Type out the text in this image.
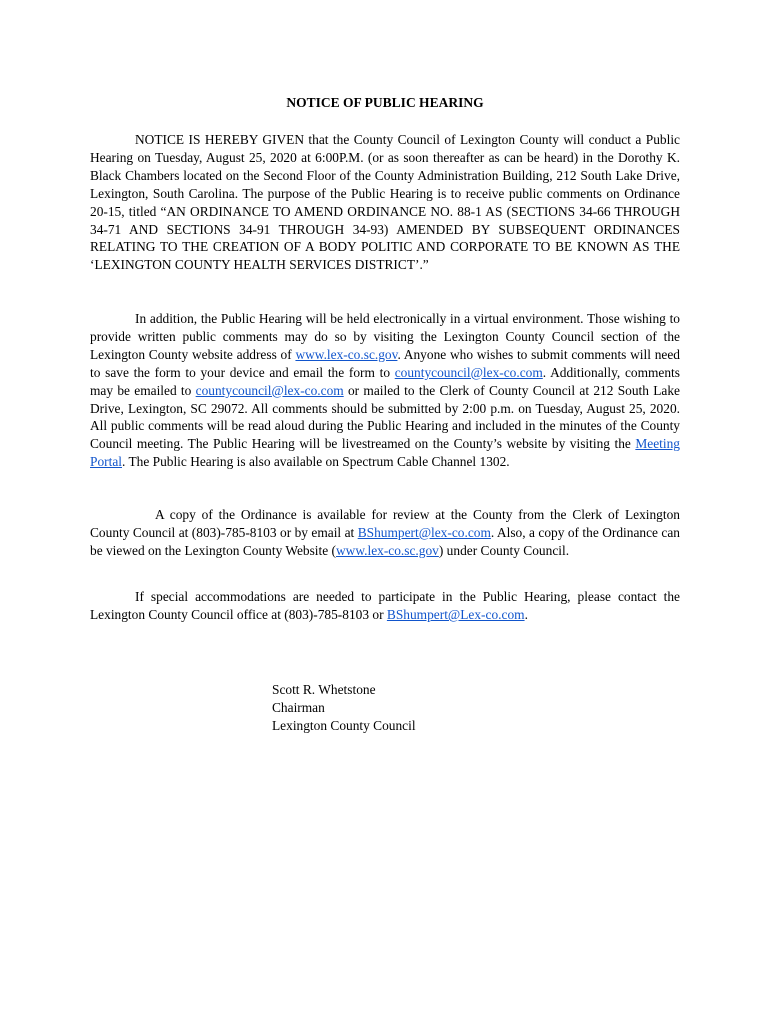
NOTICE OF PUBLIC HEARING

NOTICE IS HEREBY GIVEN that the County Council of Lexington County will conduct a Public Hearing on Tuesday, August 25, 2020 at 6:00P.M. (or as soon thereafter as can be heard) in the Dorothy K. Black Chambers located on the Second Floor of the County Administration Building, 212 South Lake Drive, Lexington, South Carolina. The purpose of the Public Hearing is to receive public comments on Ordinance 20-15, titled “AN ORDINANCE TO AMEND ORDINANCE NO. 88-1 AS (SECTIONS 34-66 THROUGH 34-71 AND SECTIONS 34-91 THROUGH 34-93) AMENDED BY SUBSEQUENT ORDINANCES RELATING TO THE CREATION OF A BODY POLITIC AND CORPORATE TO BE KNOWN AS THE ‘LEXINGTON COUNTY HEALTH SERVICES DISTRICT’.”

In addition, the Public Hearing will be held electronically in a virtual environment. Those wishing to provide written public comments may do so by visiting the Lexington County Council section of the Lexington County website address of www.lex-co.sc.gov. Anyone who wishes to submit comments will need to save the form to your device and email the form to countycouncil@lex-co.com. Additionally, comments may be emailed to countycouncil@lex-co.com or mailed to the Clerk of County Council at 212 South Lake Drive, Lexington, SC 29072. All comments should be submitted by 2:00 p.m. on Tuesday, August 25, 2020. All public comments will be read aloud during the Public Hearing and included in the minutes of the County Council meeting. The Public Hearing will be livestreamed on the County’s website by visiting the Meeting Portal. The Public Hearing is also available on Spectrum Cable Channel 1302.

A copy of the Ordinance is available for review at the County from the Clerk of Lexington County Council at (803)-785-8103 or by email at BShumpert@lex-co.com. Also, a copy of the Ordinance can be viewed on the Lexington County Website (www.lex-co.sc.gov) under County Council.

If special accommodations are needed to participate in the Public Hearing, please contact the Lexington County Council office at (803)-785-8103 or BShumpert@Lex-co.com.

Scott R. Whetstone
Chairman
Lexington County Council
